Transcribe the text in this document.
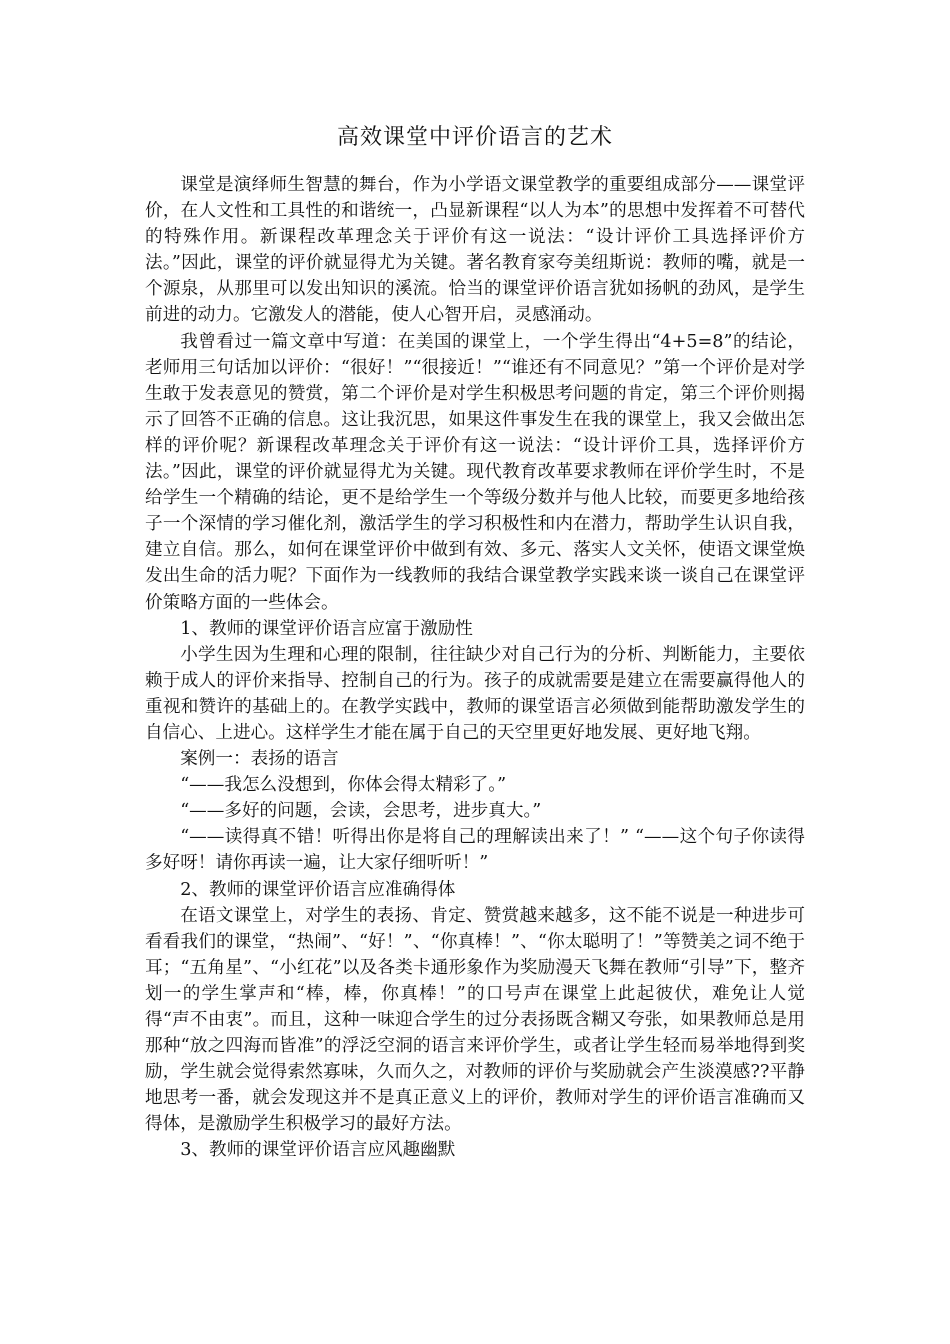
高效课堂中评价语言的艺术

课堂是演绎师生智慧的舞台，作为小学语文课堂教学的重要组成部分——课堂评价，在人文性和工具性的和谐统一，凸显新课程“以人为本”的思想中发挥着不可替代的特殊作用。新课程改革理念关于评价有这一说法：“设计评价工具选择评价方法。”因此，课堂的评价就显得尤为关键。著名教育家夸美纽斯说：教师的嘴，就是一个源泉，从那里可以发出知识的溪流。恰当的课堂评价语言犹如扬帆的劲风，是学生前进的动力。它激发人的潜能，使人心智开启，灵感涌动。

我曾看过一篇文章中写道：在美国的课堂上，一个学生得出“4+5=8”的结论，老师用三句话加以评价：“很好！”“很接近！”“谁还有不同意见？”第一个评价是对学生敢于发表意见的赞赏，第二个评价是对学生积极思考问题的肯定，第三个评价则揭示了回答不正确的信息。这让我沉思，如果这件事发生在我的课堂上，我又会做出怎样的评价呢？新课程改革理念关于评价有这一说法：“设计评价工具，选择评价方法。”因此，课堂的评价就显得尤为关键。现代教育改革要求教师在评价学生时，不是给学生一个精确的结论，更不是给学生一个等级分数并与他人比较，而要更多地给孩子一个深情的学习催化剂，激活学生的学习积极性和内在潜力，帮助学生认识自我，建立自信。那么，如何在课堂评价中做到有效、多元、落实人文关怀，使语文课堂焕发出生命的活力呢？下面作为一线教师的我结合课堂教学实践来谈一谈自己在课堂评价策略方面的一些体会。

1、教师的课堂评价语言应富于激励性

小学生因为生理和心理的限制，往往缺少对自己行为的分析、判断能力，主要依赖于成人的评价来指导、控制自己的行为。孩子的成就需要是建立在需要赢得他人的重视和赞许的基础上的。在教学实践中，教师的课堂语言必须做到能帮助激发学生的自信心、上进心。这样学生才能在属于自己的天空里更好地发展、更好地飞翔。

案例一：表扬的语言

“——我怎么没想到，你体会得太精彩了。”

“——多好的问题，会读，会思考，进步真大。”

“——读得真不错！听得出你是将自己的理解读出来了！” “——这个句子你读得多好呀！请你再读一遍，让大家仔细听听！”

2、教师的课堂评价语言应准确得体

在语文课堂上，对学生的表扬、肯定、赞赏越来越多，这不能不说是一种进步可看看我们的课堂，“热闹”、“好！”、“你真棒！”、“你太聪明了！”等赞美之词不绝于耳；“五角星”、“小红花”以及各类卡通形象作为奖励漫天飞舞在教师“引导”下，整齐划一的学生掌声和“棒，棒，你真棒！”的口号声在课堂上此起彼伏，难免让人觉得“声不由衷”。而且，这种一味迎合学生的过分表扬既含糊又夸张，如果教师总是用那种“放之四海而皆准”的浮泛空洞的语言来评价学生，或者让学生轻而易举地得到奖励，学生就会觉得索然寡味，久而久之，对教师的评价与奖励就会产生淡漠感??平静地思考一番，就会发现这并不是真正意义上的评价，教师对学生的评价语言准确而又得体，是激励学生积极学习的最好方法。

3、教师的课堂评价语言应风趣幽默
